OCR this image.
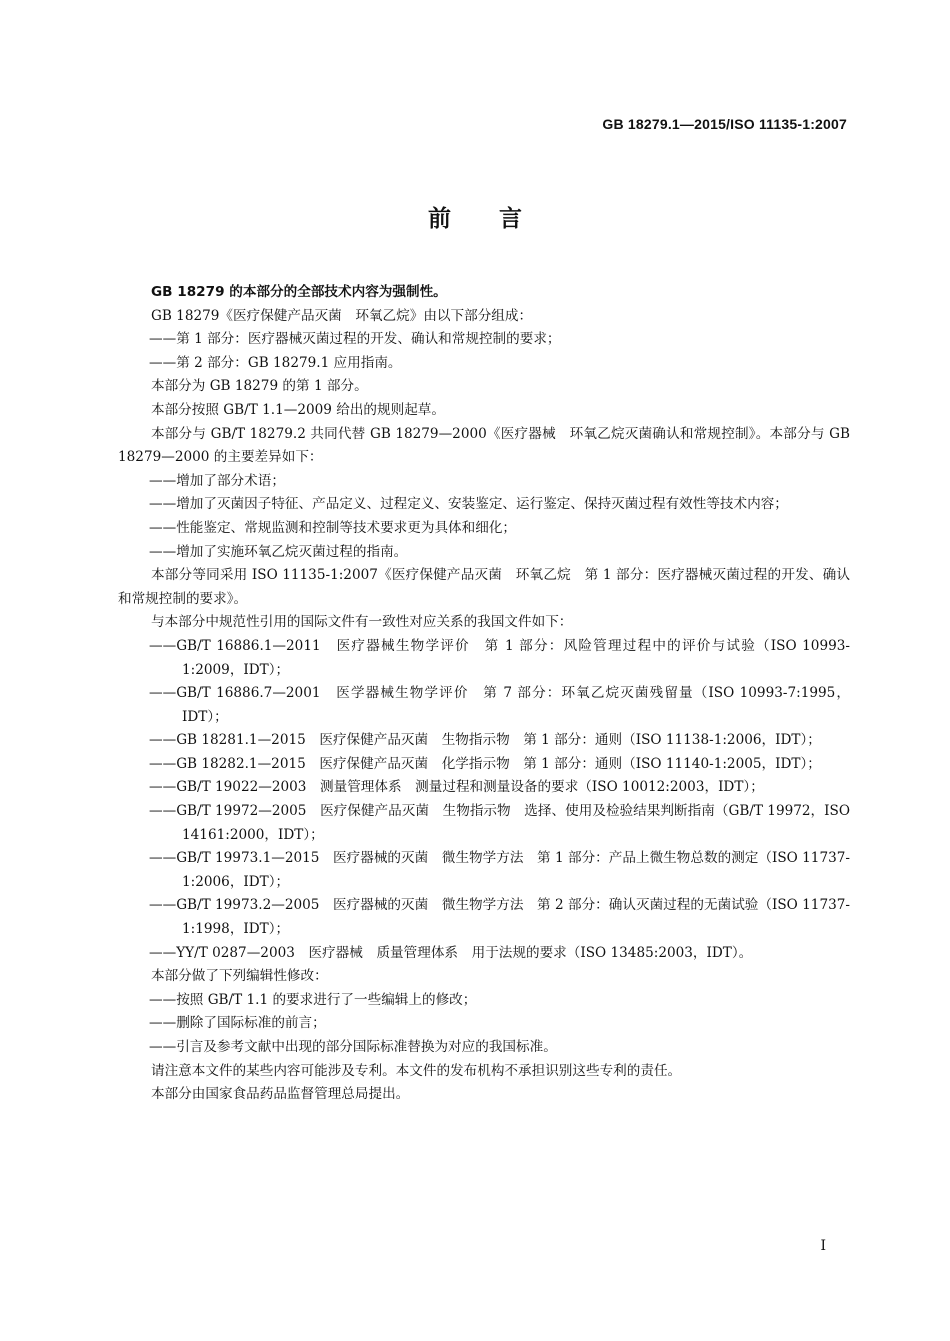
GB 18279.1—2015/ISO 11135-1:2007
前言

GB 18279 的本部分的全部技术内容为强制性。

GB 18279《医疗保健产品灭菌　环氧乙烷》由以下部分组成：

——第 1 部分：医疗器械灭菌过程的开发、确认和常规控制的要求；

——第 2 部分：GB 18279.1 应用指南。

本部分为 GB 18279 的第 1 部分。

本部分按照 GB/T 1.1—2009 给出的规则起草。

本部分与 GB/T 18279.2 共同代替 GB 18279—2000《医疗器械　环氧乙烷灭菌确认和常规控制》。本部分与 GB 18279—2000 的主要差异如下：

——增加了部分术语；

——增加了灭菌因子特征、产品定义、过程定义、安装鉴定、运行鉴定、保持灭菌过程有效性等技术内容；

——性能鉴定、常规监测和控制等技术要求更为具体和细化；

——增加了实施环氧乙烷灭菌过程的指南。

本部分等同采用 ISO 11135-1:2007《医疗保健产品灭菌　环氧乙烷　第 1 部分：医疗器械灭菌过程的开发、确认和常规控制的要求》。

与本部分中规范性引用的国际文件有一致性对应关系的我国文件如下：

——GB/T 16886.1—2011　医疗器械生物学评价　第 1 部分：风险管理过程中的评价与试验（ISO 10993-1:2009，IDT）；

——GB/T 16886.7—2001　医学器械生物学评价　第 7 部分：环氧乙烷灭菌残留量（ISO 10993-7:1995，IDT）；

——GB 18281.1—2015　医疗保健产品灭菌　生物指示物　第 1 部分：通则（ISO 11138-1:2006，IDT）；

——GB 18282.1—2015　医疗保健产品灭菌　化学指示物　第 1 部分：通则（ISO 11140-1:2005，IDT）；

——GB/T 19022—2003　测量管理体系　测量过程和测量设备的要求（ISO 10012:2003，IDT）；

——GB/T 19972—2005　医疗保健产品灭菌　生物指示物　选择、使用及检验结果判断指南（GB/T 19972，ISO 14161:2000，IDT）；

——GB/T 19973.1—2015　医疗器械的灭菌　微生物学方法　第 1 部分：产品上微生物总数的测定（ISO 11737-1:2006，IDT）；

——GB/T 19973.2—2005　医疗器械的灭菌　微生物学方法　第 2 部分：确认灭菌过程的无菌试验（ISO 11737-1:1998，IDT）；

——YY/T 0287—2003　医疗器械　质量管理体系　用于法规的要求（ISO 13485:2003，IDT）。

本部分做了下列编辑性修改：

——按照 GB/T 1.1 的要求进行了一些编辑上的修改；

——删除了国际标准的前言；

——引言及参考文献中出现的部分国际标准替换为对应的我国标准。

请注意本文件的某些内容可能涉及专利。本文件的发布机构不承担识别这些专利的责任。

本部分由国家食品药品监督管理总局提出。

I
